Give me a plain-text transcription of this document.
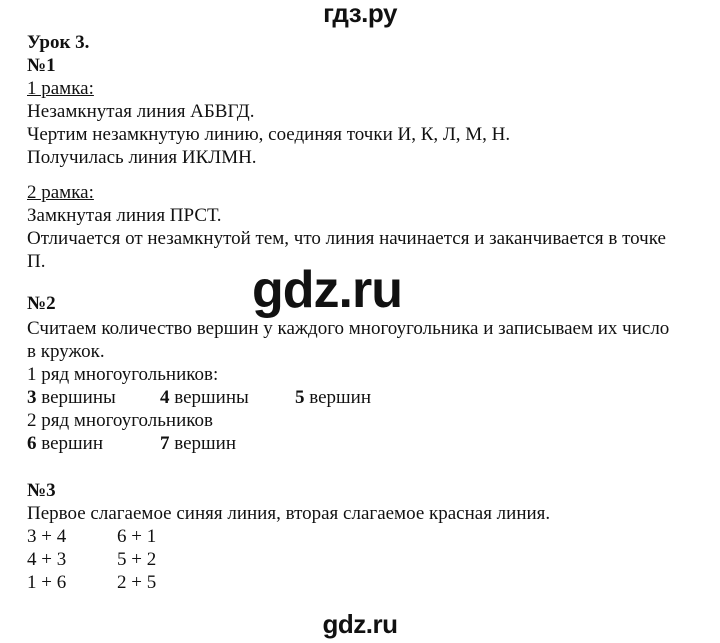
гдз.ру
gdz.ru
gdz.ru
Урок 3.
№1
1 рамка:
Незамкнутая линия АБВГД.
Чертим незамкнутую линию, соединяя точки И, К, Л, М, Н.
Получилась линия ИКЛМН.
2 рамка:
Замкнутая линия ПРСТ.
Отличается от незамкнутой тем, что линия начинается и заканчивается в точке
П.
№2
Считаем количество вершин у каждого многоугольника и записываем их число
в кружок.
1 ряд многоугольников:
3 вершины 4 вершины 5 вершин
2 ряд многоугольников
6 вершин	7 вершин
№3
Первое слагаемое синяя линия, вторая слагаемое красная линия.
3 + 4	6 + 1
4 + 3	5 + 2
1 + 6	2 + 5
